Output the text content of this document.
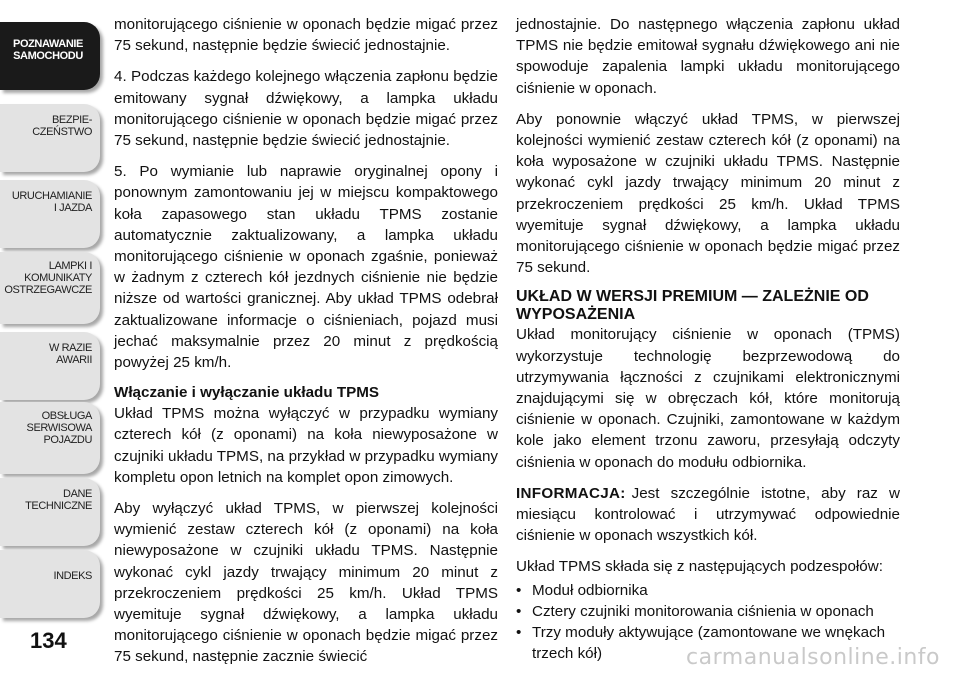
POZNAWANIE
SAMOCHODU
BEZPIE-
CZEŃSTWO
URUCHAMIANIE
I JAZDA
LAMPKI I
KOMUNIKATY
OSTRZEGAWCZE
W RAZIE
AWARII
OBSŁUGA
SERWISOWA
POJAZDU
DANE
TECHNICZNE
INDEKS
134

monitorującego ciśnienie w oponach będzie migać przez 75 sekund, następnie będzie świecić jednostajnie.

4. Podczas każdego kolejnego włączenia zapłonu będzie emitowany sygnał dźwiękowy, a lampka układu monitorującego ciśnienie w oponach będzie migać przez 75 sekund, następnie będzie świecić jednostajnie.

5. Po wymianie lub naprawie oryginalnej opony i ponownym zamontowaniu jej w miejscu kompaktowego koła zapasowego stan układu TPMS zostanie automatycznie zaktualizowany, a lampka układu monitorującego ciśnienie w oponach zgaśnie, ponieważ w żadnym z czterech kół jezdnych ciśnienie nie będzie niższe od wartości granicznej. Aby układ TPMS odebrał zaktualizowane informacje o ciśnieniach, pojazd musi jechać maksymalnie przez 20 minut z prędkością powyżej 25 km/h.

Włączanie i wyłączanie układu TPMS

Układ TPMS można wyłączyć w przypadku wymiany czterech kół (z oponami) na koła niewyposażone w czujniki układu TPMS, na przykład w przypadku wymiany kompletu opon letnich na komplet opon zimowych.

Aby wyłączyć układ TPMS, w pierwszej kolejności wymienić zestaw czterech kół (z oponami) na koła niewyposażone w czujniki układu TPMS. Następnie wykonać cykl jazdy trwający minimum 20 minut z przekroczeniem prędkości 25 km/h. Układ TPMS wyemituje sygnał dźwiękowy, a lampka układu monitorującego ciśnienie w oponach będzie migać przez 75 sekund, następnie zacznie świecić

jednostajnie. Do następnego włączenia zapłonu układ TPMS nie będzie emitował sygnału dźwiękowego ani nie spowoduje zapalenia lampki układu monitorującego ciśnienie w oponach.

Aby ponownie włączyć układ TPMS, w pierwszej kolejności wymienić zestaw czterech kół (z oponami) na koła wyposażone w czujniki układu TPMS. Następnie wykonać cykl jazdy trwający minimum 20 minut z przekroczeniem prędkości 25 km/h. Układ TPMS wyemituje sygnał dźwiękowy, a lampka układu monitorującego ciśnienie w oponach będzie migać przez 75 sekund.

UKŁAD W WERSJI PREMIUM — ZALEŻNIE OD WYPOSAŻENIA

Układ monitorujący ciśnienie w oponach (TPMS) wykorzystuje technologię bezprzewodową do utrzymywania łączności z czujnikami elektronicznymi znajdującymi się w obręczach kół, które monitorują ciśnienie w oponach. Czujniki, zamontowane w każdym kole jako element trzonu zaworu, przesyłają odczyty ciśnienia w oponach do modułu odbiornika.

INFORMACJA: Jest szczególnie istotne, aby raz w miesiącu kontrolować i utrzymywać odpowiednie ciśnienie w oponach wszystkich kół.

Układ TPMS składa się z następujących podzespołów:

• Moduł odbiornika
• Cztery czujniki monitorowania ciśnienia w oponach
• Trzy moduły aktywujące (zamontowane we wnękach trzech kół)	carmanualsonline.info
